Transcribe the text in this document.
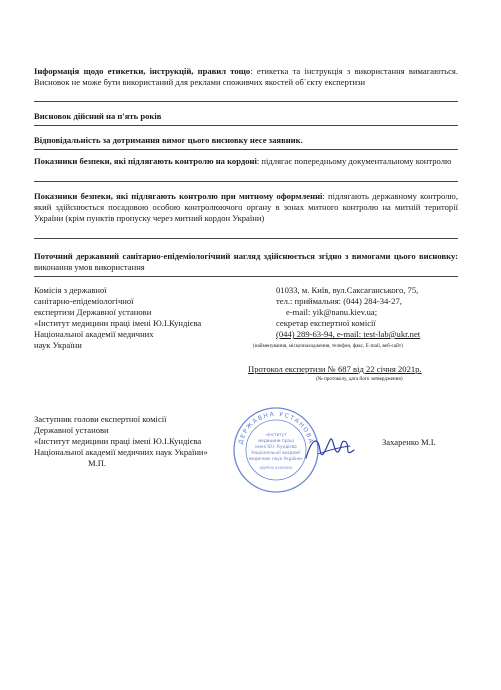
Інформація щодо етикетки, інструкцій, правил тощо: етикетка та інструкція з використання вимагаються. Висновок не може бути використаний для реклами споживчих якостей об`єкту експертизи
Висновок дійсний на п'ять років
Відповідальність за дотримання вимог цього висновку несе заявник.
Показники безпеки, які підлягають контролю на кордоні: підлягає попередньому документальному контролю
Показники безпеки, які підлягають контролю при митному оформленні: підлягають державному контролю, який здійснюється посадовою особою контролюючого органу в зонах митного контролю на митній території України (крім пунктів пропуску через митний кордон України)
Поточний державний санітарно-епідеміологічний нагляд здійснюється згідно з вимогами цього висновку: виконання умов використання
Комісія з державної
санітарно-епідеміологічної
експертизи Державної установи
«Інститут медицини праці імені Ю.І.Кундієва
Національної академії медичних
наук України
01033, м. Київ, вул.Саксаганського, 75,
тел.: приймальня: (044) 284-34-27,
e-mail: yik@nanu.kiev.ua;
секретар експертної комісії
(044) 289-63-94, e-mail: test-lab@ukr.net
(найменування, місцезнаходження, телефон, факс, E-mail, веб-сайт)
Протокол експертизи № 687 від 22 січня 2021р.
(№ протоколу, дата його затвердження)
Заступник голови експертної комісії
Державної установи
«Інститут медицини праці імені Ю.І.Кундієва
Національної академії медичних наук України»
М.П.
Захаренко М.І.
ДЕРЖАВНА УСТАНОВА
«Інститут
медицини праці
імені Ю.І. Кундієва
Національної академії
медичних наук України»
ЄДРПОУ 02954020
